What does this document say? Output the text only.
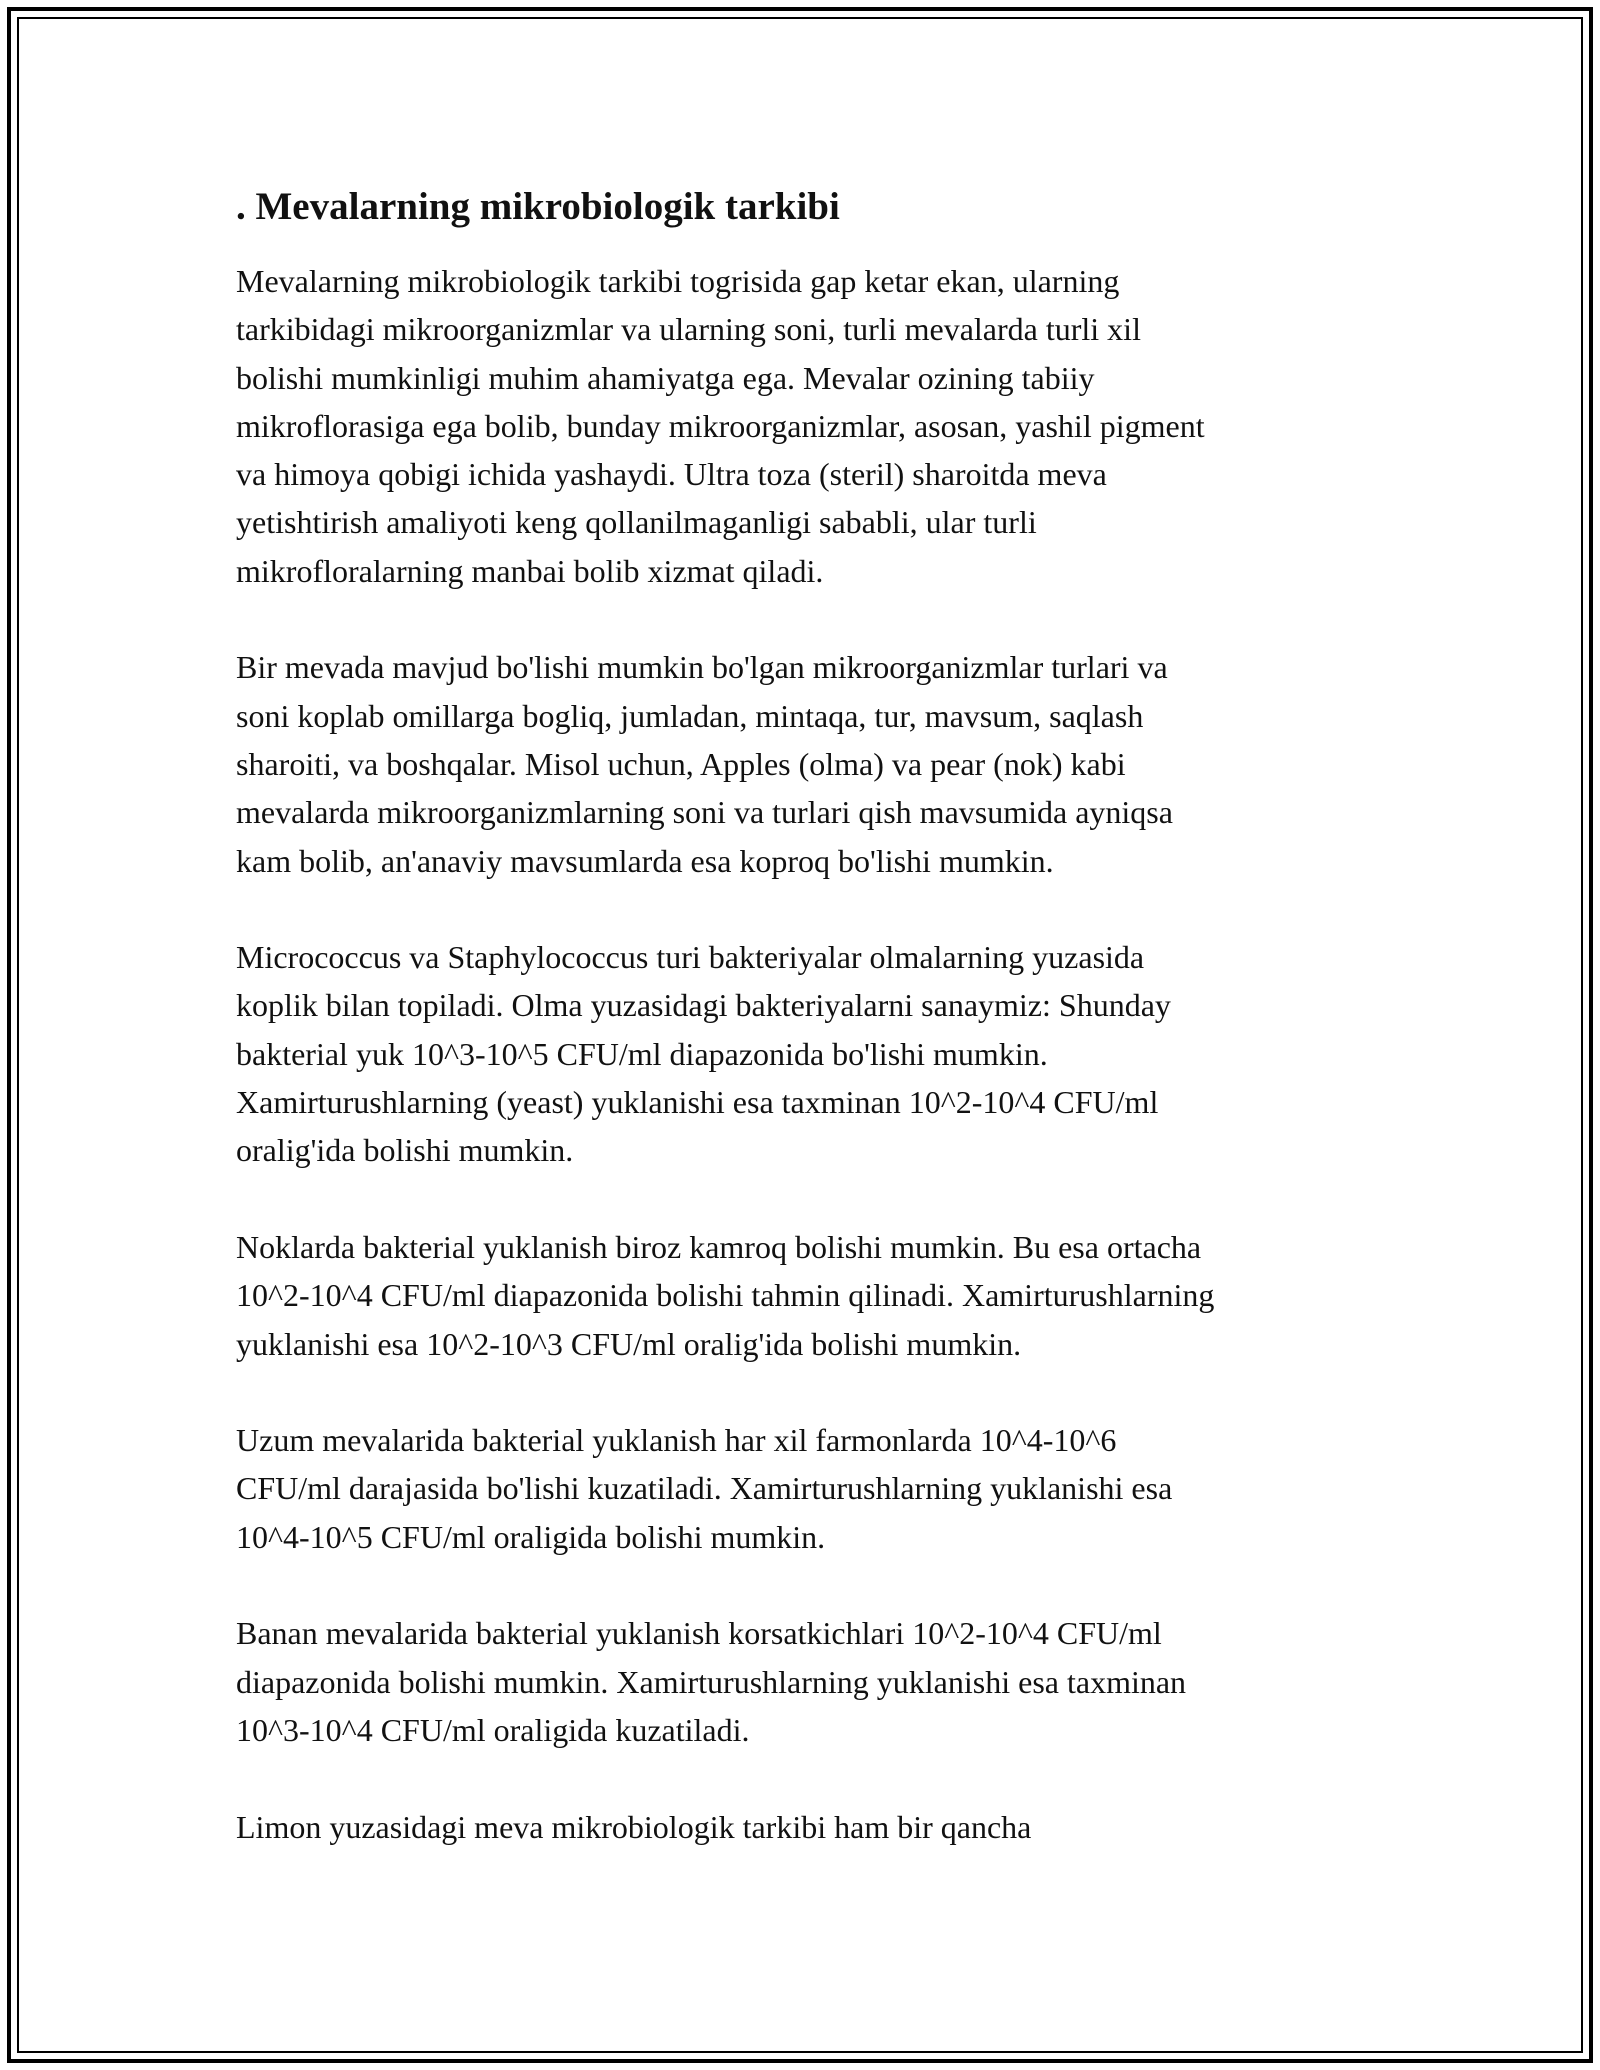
. Mevalarning mikrobiologik tarkibi

Mevalarning mikrobiologik tarkibi togrisida gap ketar ekan, ularning
tarkibidagi mikroorganizmlar va ularning soni, turli mevalarda turli xil
bolishi mumkinligi muhim ahamiyatga ega. Mevalar ozining tabiiy
mikroflorasiga ega bolib, bunday mikroorganizmlar, asosan, yashil pigment
va himoya qobigi ichida yashaydi. Ultra toza (steril) sharoitda meva
yetishtirish amaliyoti keng qollanilmaganligi sababli, ular turli
mikrofloralarning manbai bolib xizmat qiladi.

Bir mevada mavjud bo'lishi mumkin bo'lgan mikroorganizmlar turlari va
soni koplab omillarga bogliq, jumladan, mintaqa, tur, mavsum, saqlash
sharoiti, va boshqalar. Misol uchun, Apples (olma) va pear (nok) kabi
mevalarda mikroorganizmlarning soni va turlari qish mavsumida ayniqsa
kam bolib, an'anaviy mavsumlarda esa koproq bo'lishi mumkin.

Micrococcus va Staphylococcus turi bakteriyalar olmalarning yuzasida
koplik bilan topiladi. Olma yuzasidagi bakteriyalarni sanaymiz: Shunday
bakterial yuk 10^3-10^5 CFU/ml diapazonida bo'lishi mumkin.
Xamirturushlarning (yeast) yuklanishi esa taxminan 10^2-10^4 CFU/ml
oralig'ida bolishi mumkin.

Noklarda bakterial yuklanish biroz kamroq bolishi mumkin. Bu esa ortacha
10^2-10^4 CFU/ml diapazonida bolishi tahmin qilinadi. Xamirturushlarning
yuklanishi esa 10^2-10^3 CFU/ml oralig'ida bolishi mumkin.

Uzum mevalarida bakterial yuklanish har xil farmonlarda 10^4-10^6
CFU/ml darajasida bo'lishi kuzatiladi. Xamirturushlarning yuklanishi esa
10^4-10^5 CFU/ml oraligida bolishi mumkin.

Banan mevalarida bakterial yuklanish korsatkichlari 10^2-10^4 CFU/ml
diapazonida bolishi mumkin. Xamirturushlarning yuklanishi esa taxminan
10^3-10^4 CFU/ml oraligida kuzatiladi.

Limon yuzasidagi meva mikrobiologik tarkibi ham bir qancha
